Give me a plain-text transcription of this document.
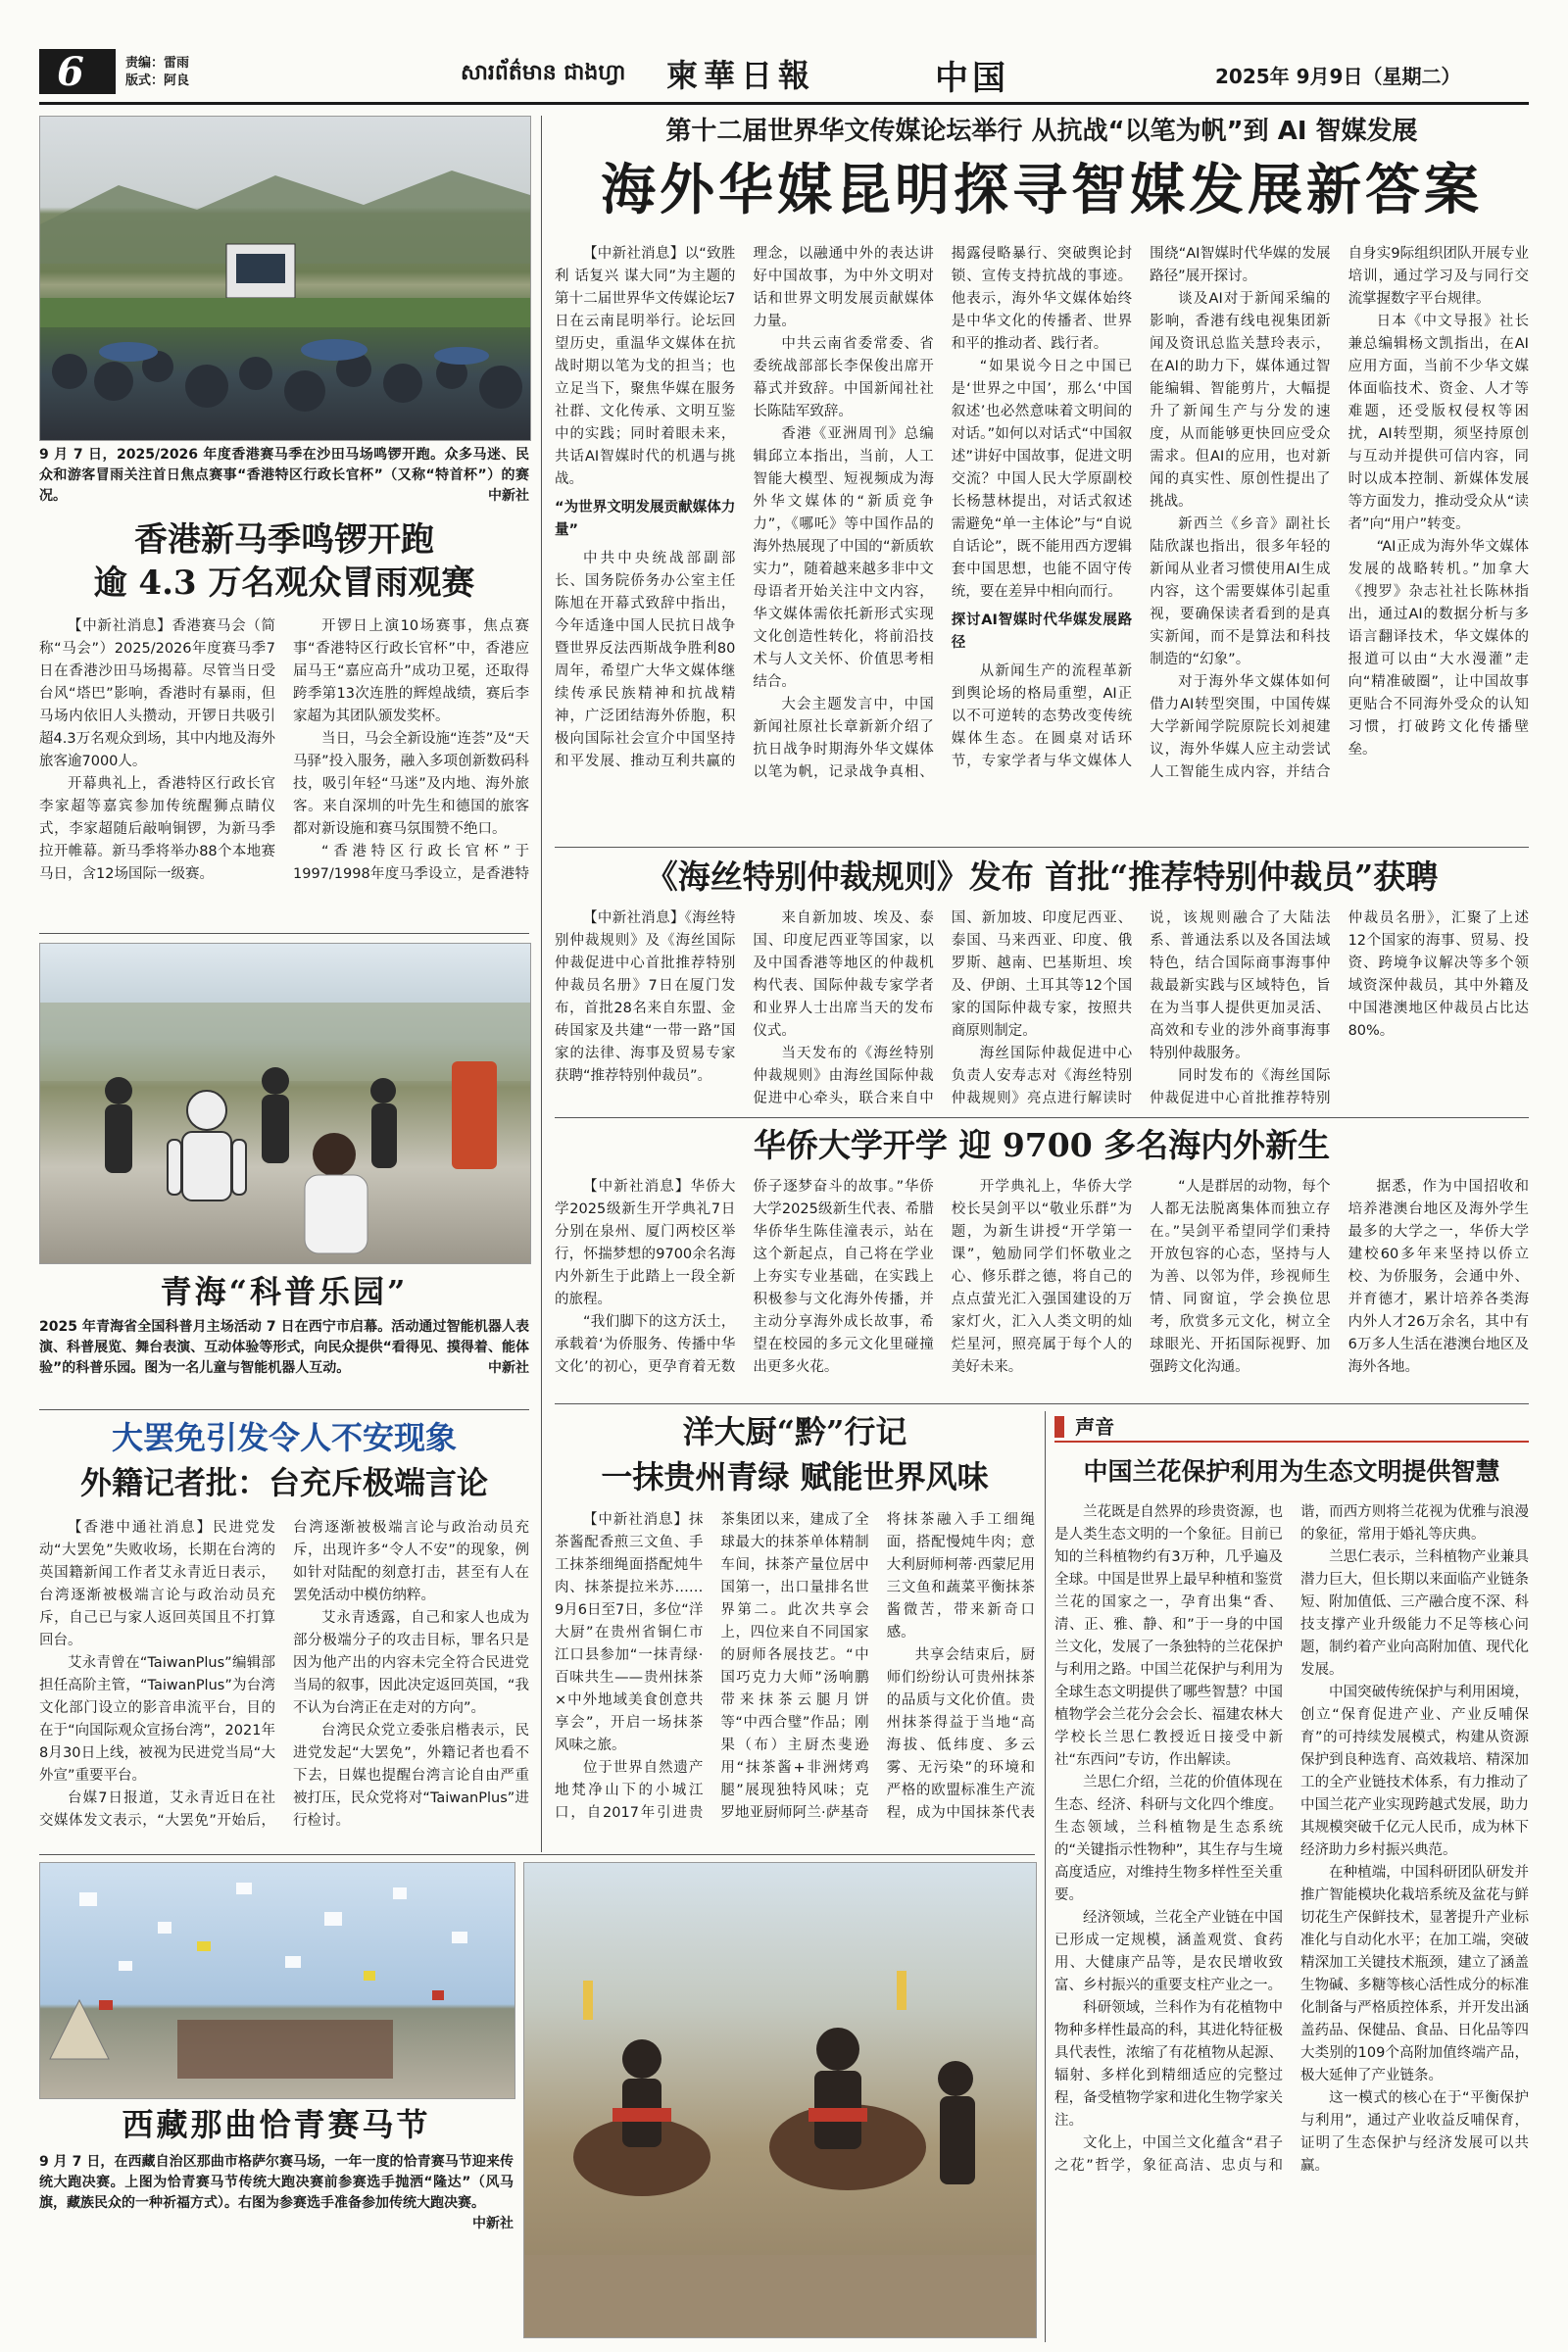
6	责编：雷雨
版式：阿良	សារព័ត៌មាន ជាងហ្វា 柬華日報	中国	2025年 9月9日（星期二）
9 月 7 日，2025/2026 年度香港赛马季在沙田马场鸣锣开跑。众多马迷、民众和游客冒雨关注首日焦点赛事“香港特区行政长官杯”（又称“特首杯”）的赛况。	中新社
香港新马季鸣锣开跑
逾 4.3 万名观众冒雨观赛

【中新社消息】香港赛马会（简称“马会”）2025/2026年度赛马季7日在香港沙田马场揭幕。尽管当日受台风“塔巴”影响，香港时有暴雨，但马场内依旧人头攒动，开锣日共吸引超4.3万名观众到场，其中内地及海外旅客逾7000人。

开幕典礼上，香港特区行政长官李家超等嘉宾参加传统醒狮点睛仪式，李家超随后敲响铜锣，为新马季拉开帷幕。新马季将举办88个本地赛马日，含12场国际一级赛。

开锣日上演10场赛事，焦点赛事“香港特区行政长官杯”中，香港应届马王“嘉应高升”成功卫冕，还取得跨季第13次连胜的辉煌战绩，赛后李家超为其团队颁发奖杯。

当日，马会全新设施“连荟”及“天马驿”投入服务，融入多项创新数码科技，吸引年轻“马迷”及内地、海外旅客。来自深圳的叶先生和德国的旅客都对新设施和赛马氛围赞不绝口。

“香港特区行政长官杯”于1997/1998年度马季设立，是香港特

青海“科普乐园”
2025 年青海省全国科普月主场活动 7 日在西宁市启幕。活动通过智能机器人表演、科普展览、舞台表演、互动体验等形式，向民众提供“看得见、摸得着、能体验”的科普乐园。图为一名儿童与智能机器人互动。	中新社
大罢免引发令人不安现象
外籍记者批：台充斥极端言论

【香港中通社消息】民进党发动“大罢免”失败收场，长期在台湾的英国籍新闻工作者艾永青近日表示，台湾逐渐被极端言论与政治动员充斥，自己已与家人返回英国且不打算回台。

艾永青曾在“TaiwanPlus”编辑部担任高阶主管，“TaiwanPlus”为台湾文化部门设立的影音串流平台，目的在于“向国际观众宣扬台湾”，2021年8月30日上线，被视为民进党当局“大外宣”重要平台。

台媒7日报道，艾永青近日在社交媒体发文表示，“大罢免”开始后，台湾逐渐被极端言论与政治动员充斥，出现许多“令人不安”的现象，例如针对陆配的刻意打击，甚至有人在罢免活动中模仿纳粹。

艾永青透露，自己和家人也成为部分极端分子的攻击目标，罪名只是因为他产出的内容未完全符合民进党当局的叙事，因此决定返回英国，“我不认为台湾正在走对的方向”。

台湾民众党立委张启楷表示，民进党发起“大罢免”，外籍记者也看不下去，日媒也提醒台湾言论自由严重被打压，民众党将对“TaiwanPlus”进行检讨。

第十二届世界华文传媒论坛举行 从抗战“以笔为帆”到 AI 智媒发展
海外华媒昆明探寻智媒发展新答案

【中新社消息】以“致胜利 话复兴 谋大同”为主题的第十二届世界华文传媒论坛7日在云南昆明举行。论坛回望历史，重温华文媒体在抗战时期以笔为戈的担当；也立足当下，聚焦华媒在服务社群、文化传承、文明互鉴中的实践；同时着眼未来，共话AI智媒时代的机遇与挑战。

“为世界文明发展贡献媒体力量”

中共中央统战部副部长、国务院侨务办公室主任陈旭在开幕式致辞中指出，今年适逢中国人民抗日战争暨世界反法西斯战争胜利80周年，希望广大华文媒体继续传承民族精神和抗战精神，广泛团结海外侨胞，积极向国际社会宣介中国坚持和平发展、推动互利共赢的理念，以融通中外的表达讲好中国故事，为中外文明对话和世界文明发展贡献媒体力量。

中共云南省委常委、省委统战部部长李保俊出席开幕式并致辞。中国新闻社社长陈陆军致辞。

香港《亚洲周刊》总编辑邱立本指出，当前，人工智能大模型、短视频成为海外华文媒体的“新质竞争力”，《哪吒》等中国作品的海外热展现了中国的“新质软实力”，随着越来越多非中文母语者开始关注中文内容，华文媒体需依托新形式实现文化创造性转化，将前沿技术与人文关怀、价值思考相结合。

大会主题发言中，中国新闻社原社长章新新介绍了抗日战争时期海外华文媒体以笔为帆，记录战争真相、揭露侵略暴行、突破舆论封锁、宣传支持抗战的事迹。他表示，海外华文媒体始终是中华文化的传播者、世界和平的推动者、践行者。

“如果说今日之中国已是‘世界之中国’，那么‘中国叙述’也必然意味着文明间的对话。”如何以对话式“中国叙述”讲好中国故事，促进文明交流？中国人民大学原副校长杨慧林提出，对话式叙述需避免“单一主体论”与“自说自话论”，既不能用西方逻辑套中国思想，也能不固守传统，要在差异中相向而行。

探讨AI智媒时代华媒发展路径

从新闻生产的流程革新到舆论场的格局重塑，AI正以不可逆转的态势改变传统媒体生态。在圆桌对话环节，专家学者与华文媒体人围绕“AI智媒时代华媒的发展路径”展开探讨。

谈及AI对于新闻采编的影响，香港有线电视集团新闻及资讯总监关慧玲表示，在AI的助力下，媒体通过智能编辑、智能剪片，大幅提升了新闻生产与分发的速度，从而能够更快回应受众需求。但AI的应用，也对新闻的真实性、原创性提出了挑战。

新西兰《乡音》副社长陆欣謀也指出，很多年轻的新闻从业者习惯使用AI生成内容，这个需要媒体引起重视，要确保读者看到的是真实新闻，而不是算法和科技制造的“幻象”。

对于海外华文媒体如何借力AI转型突围，中国传媒大学新闻学院原院长刘昶建议，海外华媒人应主动尝试人工智能生成内容，并结合自身实9际组织团队开展专业培训，通过学习及与同行交流掌握数字平台规律。

日本《中文导报》社长兼总编辑杨文凯指出，在AI应用方面，当前不少华文媒体面临技术、资金、人才等难题，还受版权侵权等困扰，AI转型期，须坚持原创与互动并提供可信内容，同时以成本控制、新媒体发展等方面发力，推动受众从“读者”向“用户”转变。

“AI正成为海外华文媒体发展的战略转机。”加拿大《搜罗》杂志社社长陈林指出，通过AI的数据分析与多语言翻译技术，华文媒体的报道可以由“大水漫灌”走向“精准破圈”，让中国故事更贴合不同海外受众的认知习惯，打破跨文化传播壁垒。

《海丝特别仲裁规则》发布 首批“推荐特别仲裁员”获聘

【中新社消息】《海丝特别仲裁规则》及《海丝国际仲裁促进中心首批推荐特别仲裁员名册》7日在厦门发布，首批28名来自东盟、金砖国家及共建“一带一路”国家的法律、海事及贸易专家获聘“推荐特别仲裁员”。

来自新加坡、埃及、泰国、印度尼西亚等国家，以及中国香港等地区的仲裁机构代表、国际仲裁专家学者和业界人士出席当天的发布仪式。

当天发布的《海丝特别仲裁规则》由海丝国际仲裁促进中心牵头，联合来自中国、新加坡、印度尼西亚、泰国、马来西亚、印度、俄罗斯、越南、巴基斯坦、埃及、伊朗、土耳其等12个国家的国际仲裁专家，按照共商原则制定。

海丝国际仲裁促进中心负责人安寿志对《海丝特别仲裁规则》亮点进行解读时说，该规则融合了大陆法系、普通法系以及各国法域特色，结合国际商事海事仲裁最新实践与区域特色，旨在为当事人提供更加灵活、高效和专业的涉外商事海事特别仲裁服务。

同时发布的《海丝国际仲裁促进中心首批推荐特别仲裁员名册》，汇聚了上述12个国家的海事、贸易、投资、跨境争议解决等多个领域资深仲裁员，其中外籍及中国港澳地区仲裁员占比达80%。

华侨大学开学 迎 9700 多名海内外新生

【中新社消息】华侨大学2025级新生开学典礼7日分别在泉州、厦门两校区举行，怀揣梦想的9700余名海内外新生于此踏上一段全新的旅程。

“我们脚下的这方沃土，承载着‘为侨服务、传播中华文化’的初心，更孕育着无数侨子逐梦奋斗的故事。”华侨大学2025级新生代表、希腊华侨华生陈佳潼表示，站在这个新起点，自己将在学业上夯实专业基础，在实践上积极参与文化海外传播，并主动分享海外成长故事，希望在校园的多元文化里碰撞出更多火花。

开学典礼上，华侨大学校长吴剑平以“敬业乐群”为题，为新生讲授“开学第一课”，勉励同学们怀敬业之心、修乐群之德，将自己的点点萤光汇入强国建设的万家灯火，汇入人类文明的灿烂星河，照亮属于每个人的美好未来。

“人是群居的动物，每个人都无法脱离集体而独立存在。”吴剑平希望同学们秉持开放包容的心态，坚持与人为善、以邻为伴，珍视师生情、同窗谊，学会换位思考，欣赏多元文化，树立全球眼光、开拓国际视野、加强跨文化沟通。

据悉，作为中国招收和培养港澳台地区及海外学生最多的大学之一，华侨大学建校60多年来坚持以侨立校、为侨服务，会通中外、并育德才，累计培养各类海内外人才26万余名，其中有6万多人生活在港澳台地区及海外各地。

洋大厨“黔”行记
一抹贵州青绿 赋能世界风味

【中新社消息】抹茶酱配香煎三文鱼、手工抹茶细绳面搭配炖牛肉、抹茶提拉米苏……9月6日至7日，多位“洋大厨”在贵州省铜仁市江口县参加“一抹青绿·百味共生——贵州抹茶×中外地域美食创意共享会”，开启一场抹茶风味之旅。

位于世界自然遗产地梵净山下的小城江口，自2017年引进贵茶集团以来，建成了全球最大的抹茶单体精制车间，抹茶产量位居中国第一，出口量排名世界第二。此次共享会上，四位来自不同国家的厨师各展技艺。“中国巧克力大师”汤响鹏带来抹茶云腿月饼等“中西合璧”作品；刚果（布）主厨杰斐逊用“抹茶酱+非洲烤鸡腿”展现独特风味；克罗地亚厨师阿兰·萨基奇将抹茶融入手工细绳面，搭配慢炖牛肉；意大利厨师柯蒂·西蒙尼用三文鱼和蔬菜平衡抹茶酱微苦，带来新奇口感。

共享会结束后，厨师们纷纷认可贵州抹茶的品质与文化价值。贵州抹茶得益于当地“高海拔、低纬度、多云雾、无污染”的环境和严格的欧盟标准生产流程，成为中国抹茶代表

声音
中国兰花保护利用为生态文明提供智慧

兰花既是自然界的珍贵资源，也是人类生态文明的一个象征。目前已知的兰科植物约有3万种，几乎遍及全球。中国是世界上最早种植和鉴赏兰花的国家之一，孕育出集“香、清、正、雅、静、和”于一身的中国兰文化，发展了一条独特的兰花保护与利用之路。中国兰花保护与利用为全球生态文明提供了哪些智慧？中国植物学会兰花分会会长、福建农林大学校长兰思仁教授近日接受中新社“东西问”专访，作出解读。

兰思仁介绍，兰花的价值体现在生态、经济、科研与文化四个维度。生态领域，兰科植物是生态系统的“关键指示性物种”，其生存与生境高度适应，对维持生物多样性至关重要。

经济领域，兰花全产业链在中国已形成一定规模，涵盖观赏、食药用、大健康产品等，是农民增收致富、乡村振兴的重要支柱产业之一。

科研领域，兰科作为有花植物中物种多样性最高的科，其进化特征极具代表性，浓缩了有花植物从起源、辐射、多样化到精细适应的完整过程，备受植物学家和进化生物学家关注。

文化上，中国兰文化蕴含“君子之花”哲学，象征高洁、忠贞与和谐，而西方则将兰花视为优雅与浪漫的象征，常用于婚礼等庆典。

兰思仁表示，兰科植物产业兼具潜力巨大，但长期以来面临产业链条短、附加值低、三产融合度不深、科技支撑产业升级能力不足等核心问题，制约着产业向高附加值、现代化发展。

中国突破传统保护与利用困境，创立“保育促进产业、产业反哺保育”的可持续发展模式，构建从资源保护到良种选育、高效栽培、精深加工的全产业链技术体系，有力推动了中国兰花产业实现跨越式发展，助力其规模突破千亿元人民币，成为林下经济助力乡村振兴典范。

在种植端，中国科研团队研发并推广智能模块化栽培系统及盆花与鲜切花生产保鲜技术，显著提升产业标准化与自动化水平；在加工端，突破精深加工关键技术瓶颈，建立了涵盖生物碱、多糖等核心活性成分的标准化制备与严格质控体系，并开发出涵盖药品、保健品、食品、日化品等四大类别的109个高附加值终端产品，极大延伸了产业链条。

这一模式的核心在于“平衡保护与利用”，通过产业收益反哺保育，证明了生态保护与经济发展可以共赢。

西藏那曲恰青赛马节
9 月 7 日，在西藏自治区那曲市格萨尔赛马场，一年一度的恰青赛马节迎来传统大跑决赛。上图为恰青赛马节传统大跑决赛前参赛选手抛洒“隆达”（风马旗，藏族民众的一种祈福方式）。右图为参赛选手准备参加传统大跑决赛。
中新社
